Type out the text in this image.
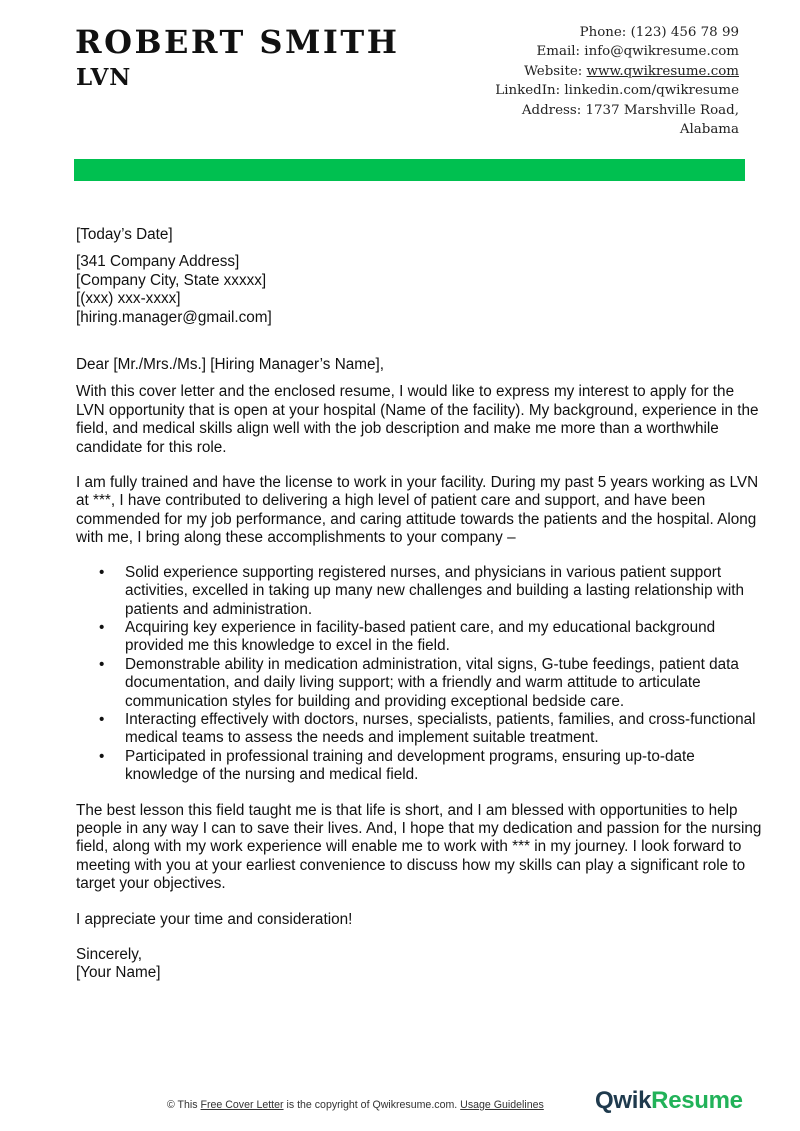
ROBERT SMITH
LVN
Phone: (123) 456 78 99
Email: info@qwikresume.com
Website: www.qwikresume.com
LinkedIn: linkedin.com/qwikresume
Address: 1737 Marshville Road,
Alabama

[Today’s Date]

[341 Company Address]

[Company City, State xxxxx]

[(xxx) xxx-xxxx]

[hiring.manager@gmail.com]

Dear [Mr./Mrs./Ms.] [Hiring Manager’s Name],

With this cover letter and the enclosed resume, I would like to express my interest to apply for the LVN opportunity that is open at your hospital (Name of the facility). My background, experience in the field, and medical skills align well with the job description and make me more than a worthwhile candidate for this role.

I am fully trained and have the license to work in your facility. During my past 5 years working as LVN at ***, I have contributed to delivering a high level of patient care and support, and have been commended for my job performance, and caring attitude towards the patients and the hospital. Along with me, I bring along these accomplishments to your company –

• Solid experience supporting registered nurses, and physicians in various patient support activities, excelled in taking up many new challenges and building a lasting relationship with patients and administration.
• Acquiring key experience in facility-based patient care, and my educational background provided me this knowledge to excel in the field.
• Demonstrable ability in medication administration, vital signs, G-tube feedings, patient data documentation, and daily living support; with a friendly and warm attitude to articulate communication styles for building and providing exceptional bedside care.
• Interacting effectively with doctors, nurses, specialists, patients, families, and cross-functional medical teams to assess the needs and implement suitable treatment.
• Participated in professional training and development programs, ensuring up-to-date knowledge of the nursing and medical field.

The best lesson this field taught me is that life is short, and I am blessed with opportunities to help people in any way I can to save their lives. And, I hope that my dedication and passion for the nursing field, along with my work experience will enable me to work with *** in my journey. I look forward to meeting with you at your earliest convenience to discuss how my skills can play a significant role to target your objectives.

I appreciate your time and consideration!

Sincerely,

[Your Name]

© This Free Cover Letter is the copyright of Qwikresume.com. Usage Guidelines QwikResume
